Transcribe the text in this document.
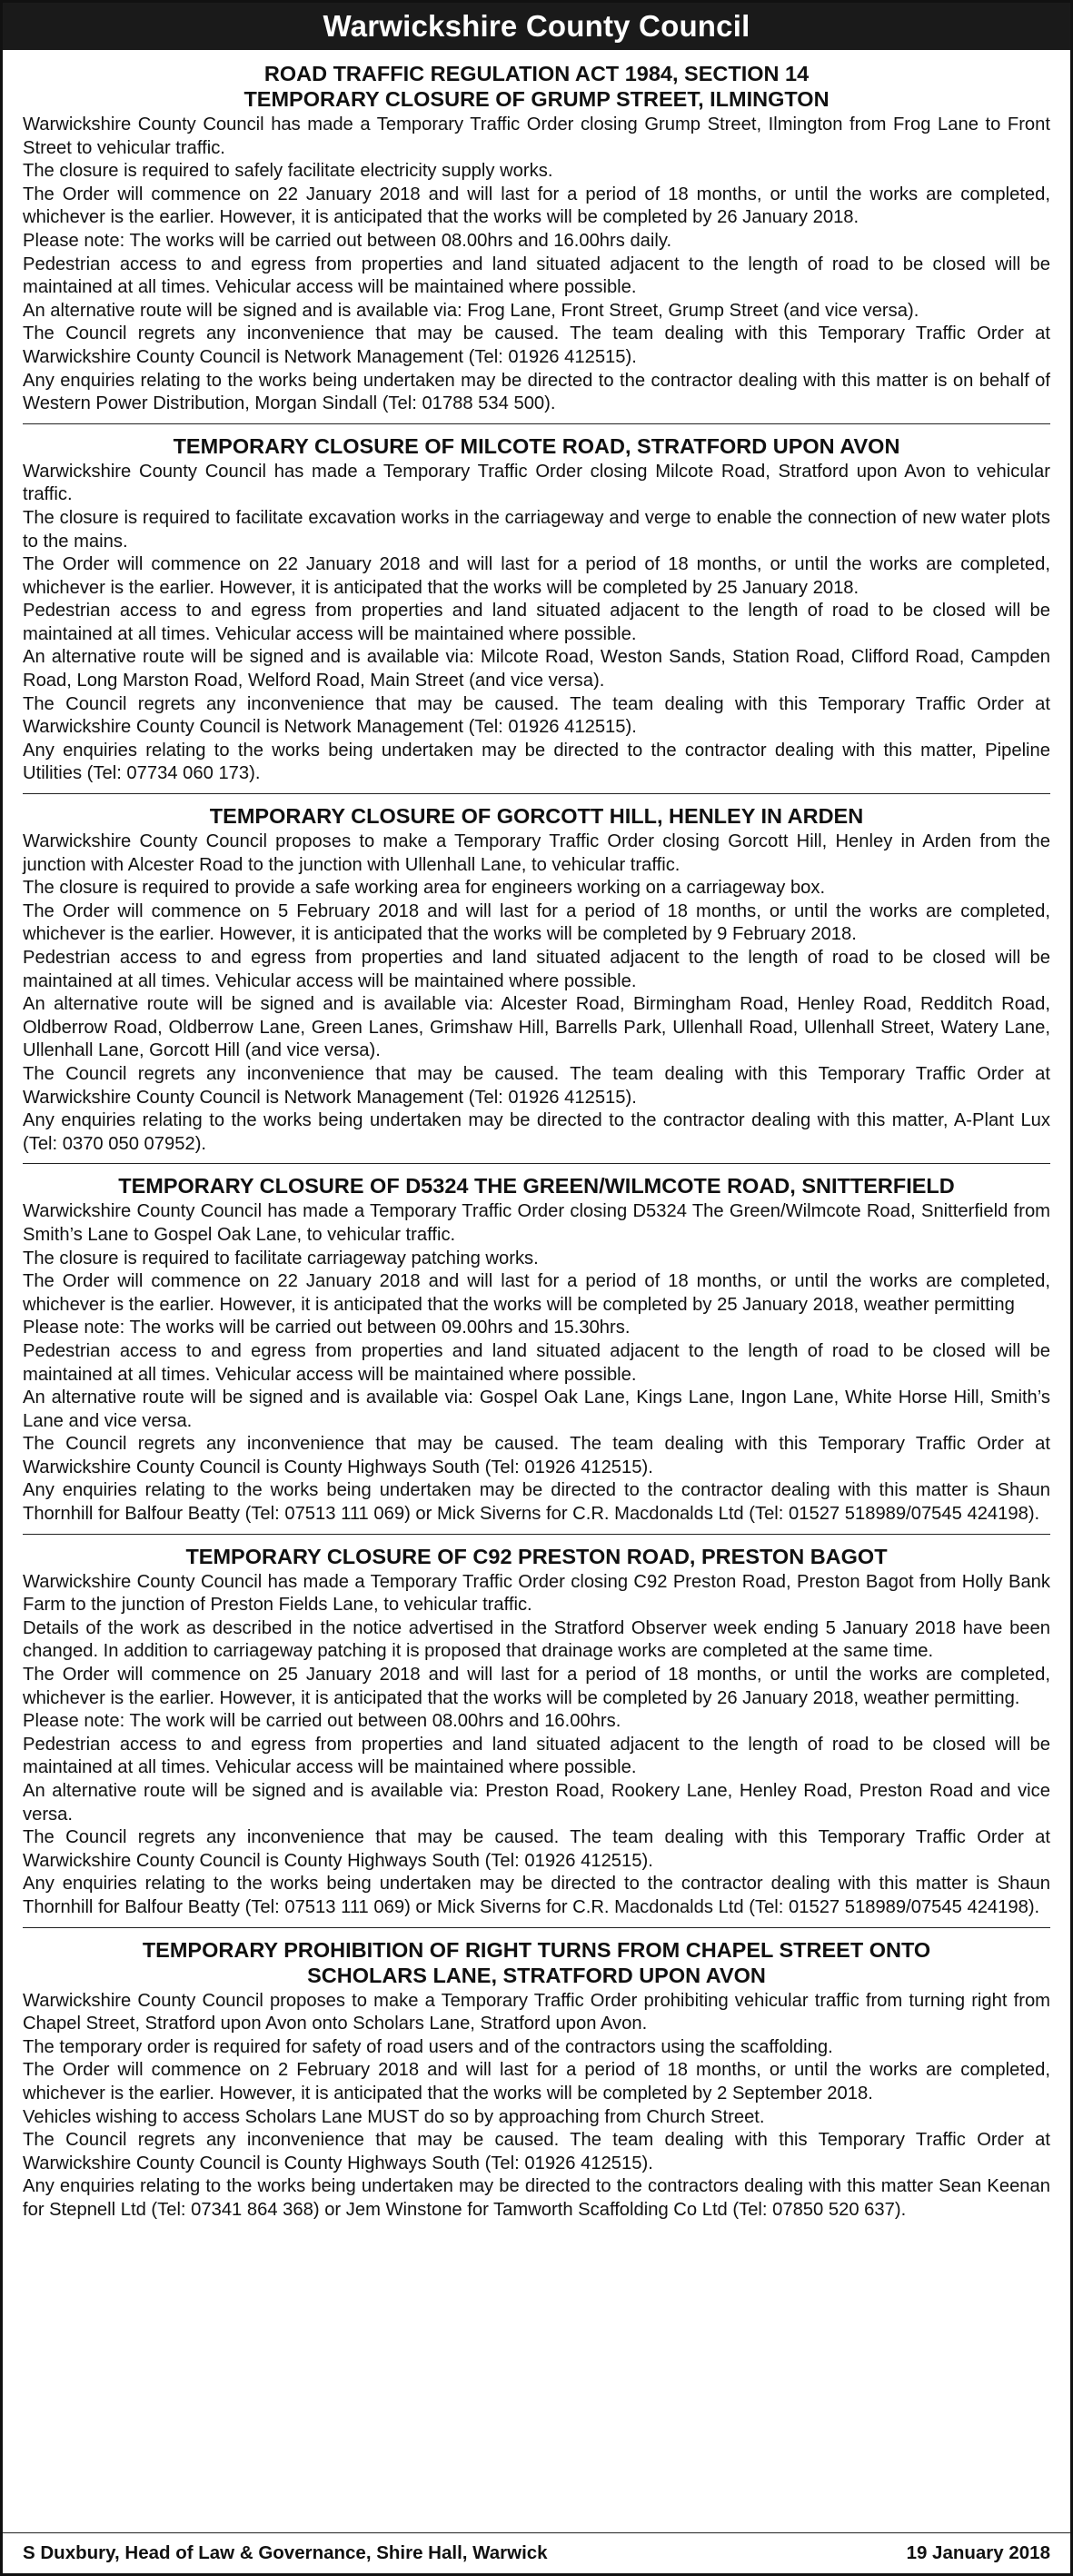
Warwickshire County Council
ROAD TRAFFIC REGULATION ACT 1984, SECTION 14
TEMPORARY CLOSURE OF GRUMP STREET, ILMINGTON

Warwickshire County Council has made a Temporary Traffic Order closing Grump Street, Ilmington from Frog Lane to Front Street to vehicular traffic.

The closure is required to safely facilitate electricity supply works.

The Order will commence on 22 January 2018 and will last for a period of 18 months, or until the works are completed, whichever is the earlier. However, it is anticipated that the works will be completed by 26 January 2018.

Please note: The works will be carried out between 08.00hrs and 16.00hrs daily.

Pedestrian access to and egress from properties and land situated adjacent to the length of road to be closed will be maintained at all times. Vehicular access will be maintained where possible.

An alternative route will be signed and is available via: Frog Lane, Front Street, Grump Street (and vice versa).

The Council regrets any inconvenience that may be caused. The team dealing with this Temporary Traffic Order at Warwickshire County Council is Network Management (Tel: 01926 412515).

Any enquiries relating to the works being undertaken may be directed to the contractor dealing with this matter is on behalf of Western Power Distribution, Morgan Sindall (Tel: 01788 534 500).

TEMPORARY CLOSURE OF MILCOTE ROAD, STRATFORD UPON AVON

Warwickshire County Council has made a Temporary Traffic Order closing Milcote Road, Stratford upon Avon to vehicular traffic.

The closure is required to facilitate excavation works in the carriageway and verge to enable the connection of new water plots to the mains.

The Order will commence on 22 January 2018 and will last for a period of 18 months, or until the works are completed, whichever is the earlier. However, it is anticipated that the works will be completed by 25 January 2018.

Pedestrian access to and egress from properties and land situated adjacent to the length of road to be closed will be maintained at all times. Vehicular access will be maintained where possible.

An alternative route will be signed and is available via: Milcote Road, Weston Sands, Station Road, Clifford Road, Campden Road, Long Marston Road, Welford Road, Main Street (and vice versa).

The Council regrets any inconvenience that may be caused. The team dealing with this Temporary Traffic Order at Warwickshire County Council is Network Management (Tel: 01926 412515).

Any enquiries relating to the works being undertaken may be directed to the contractor dealing with this matter, Pipeline Utilities (Tel: 07734 060 173).

TEMPORARY CLOSURE OF GORCOTT HILL, HENLEY IN ARDEN

Warwickshire County Council proposes to make a Temporary Traffic Order closing Gorcott Hill, Henley in Arden from the junction with Alcester Road to the junction with Ullenhall Lane, to vehicular traffic.

The closure is required to provide a safe working area for engineers working on a carriageway box.

The Order will commence on 5 February 2018 and will last for a period of 18 months, or until the works are completed, whichever is the earlier. However, it is anticipated that the works will be completed by 9 February 2018.

Pedestrian access to and egress from properties and land situated adjacent to the length of road to be closed will be maintained at all times. Vehicular access will be maintained where possible.

An alternative route will be signed and is available via: Alcester Road, Birmingham Road, Henley Road, Redditch Road, Oldberrow Road, Oldberrow Lane, Green Lanes, Grimshaw Hill, Barrells Park, Ullenhall Road, Ullenhall Street, Watery Lane, Ullenhall Lane, Gorcott Hill (and vice versa).

The Council regrets any inconvenience that may be caused. The team dealing with this Temporary Traffic Order at Warwickshire County Council is Network Management (Tel: 01926 412515).

Any enquiries relating to the works being undertaken may be directed to the contractor dealing with this matter, A-Plant Lux (Tel: 0370 050 07952).

TEMPORARY CLOSURE OF D5324 THE GREEN/WILMCOTE ROAD, SNITTERFIELD

Warwickshire County Council has made a Temporary Traffic Order closing D5324 The Green/Wilmcote Road, Snitterfield from Smith’s Lane to Gospel Oak Lane, to vehicular traffic.

The closure is required to facilitate carriageway patching works.

The Order will commence on 22 January 2018 and will last for a period of 18 months, or until the works are completed, whichever is the earlier. However, it is anticipated that the works will be completed by 25 January 2018, weather permitting

Please note: The works will be carried out between 09.00hrs and 15.30hrs.

Pedestrian access to and egress from properties and land situated adjacent to the length of road to be closed will be maintained at all times. Vehicular access will be maintained where possible.

An alternative route will be signed and is available via: Gospel Oak Lane, Kings Lane, Ingon Lane, White Horse Hill, Smith’s Lane and vice versa.

The Council regrets any inconvenience that may be caused. The team dealing with this Temporary Traffic Order at Warwickshire County Council is County Highways South (Tel: 01926 412515).

Any enquiries relating to the works being undertaken may be directed to the contractor dealing with this matter is Shaun Thornhill for Balfour Beatty (Tel: 07513 111 069) or Mick Siverns for C.R. Macdonalds Ltd (Tel: 01527 518989/07545 424198).

TEMPORARY CLOSURE OF C92 PRESTON ROAD, PRESTON BAGOT

Warwickshire County Council has made a Temporary Traffic Order closing C92 Preston Road, Preston Bagot from Holly Bank Farm to the junction of Preston Fields Lane, to vehicular traffic.

Details of the work as described in the notice advertised in the Stratford Observer week ending 5 January 2018 have been changed. In addition to carriageway patching it is proposed that drainage works are completed at the same time.

The Order will commence on 25 January 2018 and will last for a period of 18 months, or until the works are completed, whichever is the earlier. However, it is anticipated that the works will be completed by 26 January 2018, weather permitting.

Please note: The work will be carried out between 08.00hrs and 16.00hrs.

Pedestrian access to and egress from properties and land situated adjacent to the length of road to be closed will be maintained at all times. Vehicular access will be maintained where possible.

An alternative route will be signed and is available via: Preston Road, Rookery Lane, Henley Road, Preston Road and vice versa.

The Council regrets any inconvenience that may be caused. The team dealing with this Temporary Traffic Order at Warwickshire County Council is County Highways South (Tel: 01926 412515).

Any enquiries relating to the works being undertaken may be directed to the contractor dealing with this matter is Shaun Thornhill for Balfour Beatty (Tel: 07513 111 069) or Mick Siverns for C.R. Macdonalds Ltd (Tel: 01527 518989/07545 424198).

TEMPORARY PROHIBITION OF RIGHT TURNS FROM CHAPEL STREET ONTO
SCHOLARS LANE, STRATFORD UPON AVON

Warwickshire County Council proposes to make a Temporary Traffic Order prohibiting vehicular traffic from turning right from Chapel Street, Stratford upon Avon onto Scholars Lane, Stratford upon Avon.

The temporary order is required for safety of road users and of the contractors using the scaffolding.

The Order will commence on 2 February 2018 and will last for a period of 18 months, or until the works are completed, whichever is the earlier. However, it is anticipated that the works will be completed by 2 September 2018.

Vehicles wishing to access Scholars Lane MUST do so by approaching from Church Street.

The Council regrets any inconvenience that may be caused. The team dealing with this Temporary Traffic Order at Warwickshire County Council is County Highways South (Tel: 01926 412515).

Any enquiries relating to the works being undertaken may be directed to the contractors dealing with this matter Sean Keenan for Stepnell Ltd (Tel: 07341 864 368) or Jem Winstone for Tamworth Scaffolding Co Ltd (Tel: 07850 520 637).

S Duxbury, Head of Law & Governance, Shire Hall, Warwick	19 January 2018
